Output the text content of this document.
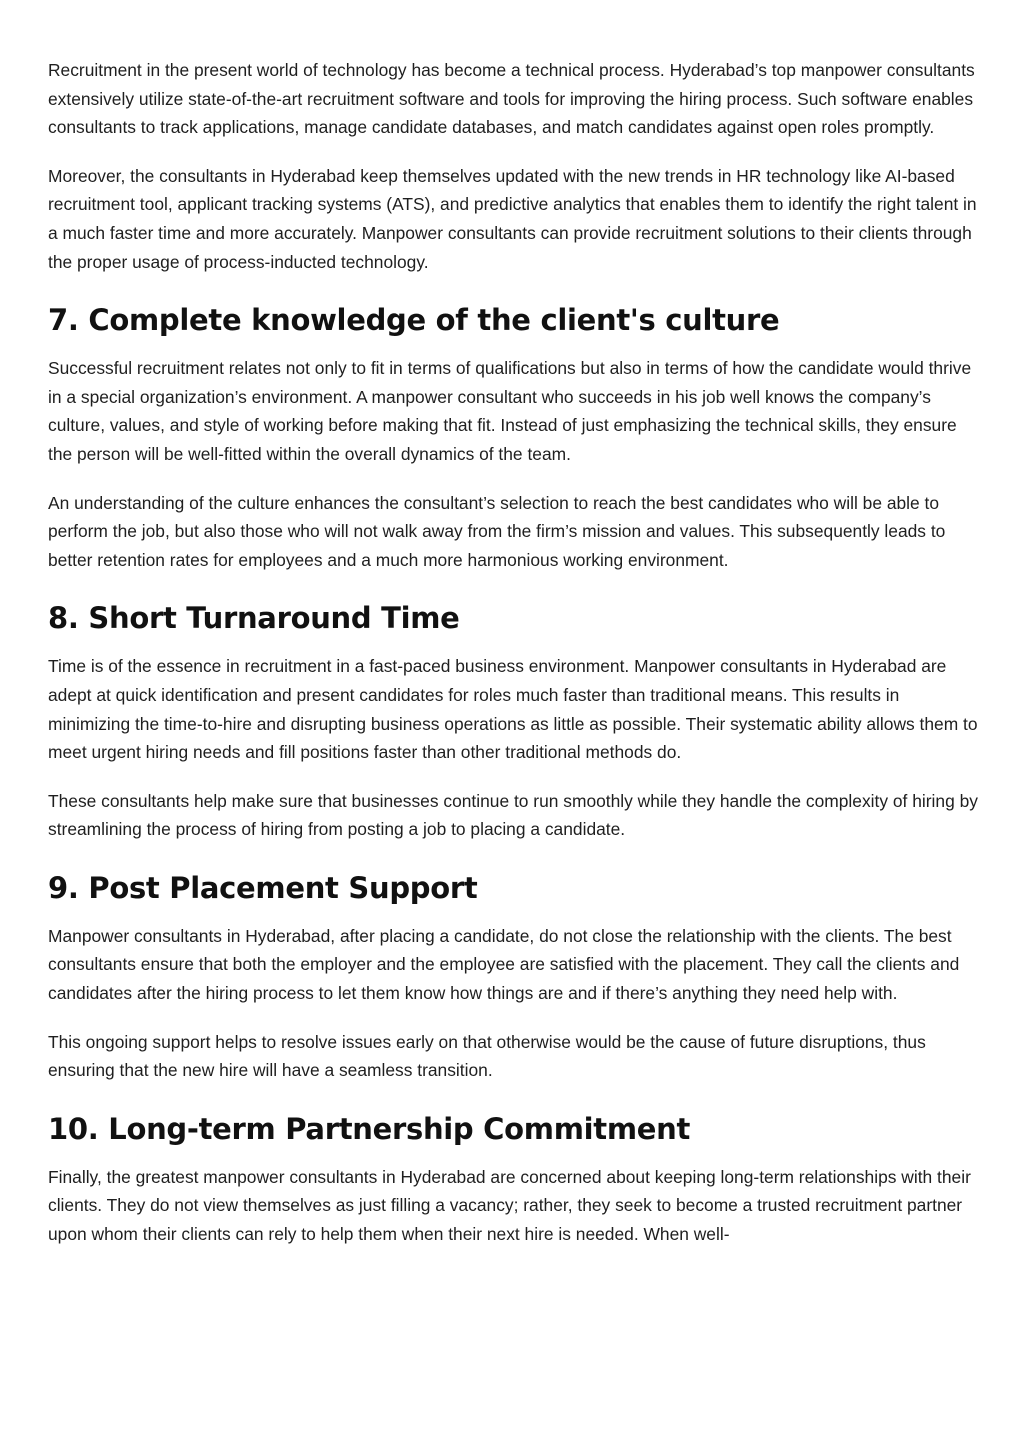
Recruitment in the present world of technology has become a technical process. Hyderabad’s top manpower consultants extensively utilize state-of-the-art recruitment software and tools for improving the hiring process. Such software enables consultants to track applications, manage candidate databases, and match candidates against open roles promptly.

Moreover, the consultants in Hyderabad keep themselves updated with the new trends in HR technology like AI-based recruitment tool, applicant tracking systems (ATS), and predictive analytics that enables them to identify the right talent in a much faster time and more accurately. Manpower consultants can provide recruitment solutions to their clients through the proper usage of process-inducted technology.

7. Complete knowledge of the client's culture

Successful recruitment relates not only to fit in terms of qualifications but also in terms of how the candidate would thrive in a special organization’s environment. A manpower consultant who succeeds in his job well knows the company’s culture, values, and style of working before making that fit. Instead of just emphasizing the technical skills, they ensure the person will be well-fitted within the overall dynamics of the team.

An understanding of the culture enhances the consultant’s selection to reach the best candidates who will be able to perform the job, but also those who will not walk away from the firm’s mission and values. This subsequently leads to better retention rates for employees and a much more harmonious working environment.

8. Short Turnaround Time

Time is of the essence in recruitment in a fast-paced business environment. Manpower consultants in Hyderabad are adept at quick identification and present candidates for roles much faster than traditional means. This results in minimizing the time-to-hire and disrupting business operations as little as possible. Their systematic ability allows them to meet urgent hiring needs and fill positions faster than other traditional methods do.

These consultants help make sure that businesses continue to run smoothly while they handle the complexity of hiring by streamlining the process of hiring from posting a job to placing a candidate.

9. Post Placement Support

Manpower consultants in Hyderabad, after placing a candidate, do not close the relationship with the clients. The best consultants ensure that both the employer and the employee are satisfied with the placement. They call the clients and candidates after the hiring process to let them know how things are and if there’s anything they need help with.

This ongoing support helps to resolve issues early on that otherwise would be the cause of future disruptions, thus ensuring that the new hire will have a seamless transition.

10. Long-term Partnership Commitment

Finally, the greatest manpower consultants in Hyderabad are concerned about keeping long-term relationships with their clients. They do not view themselves as just filling a vacancy; rather, they seek to become a trusted recruitment partner upon whom their clients can rely to help them when their next hire is needed. When well-
